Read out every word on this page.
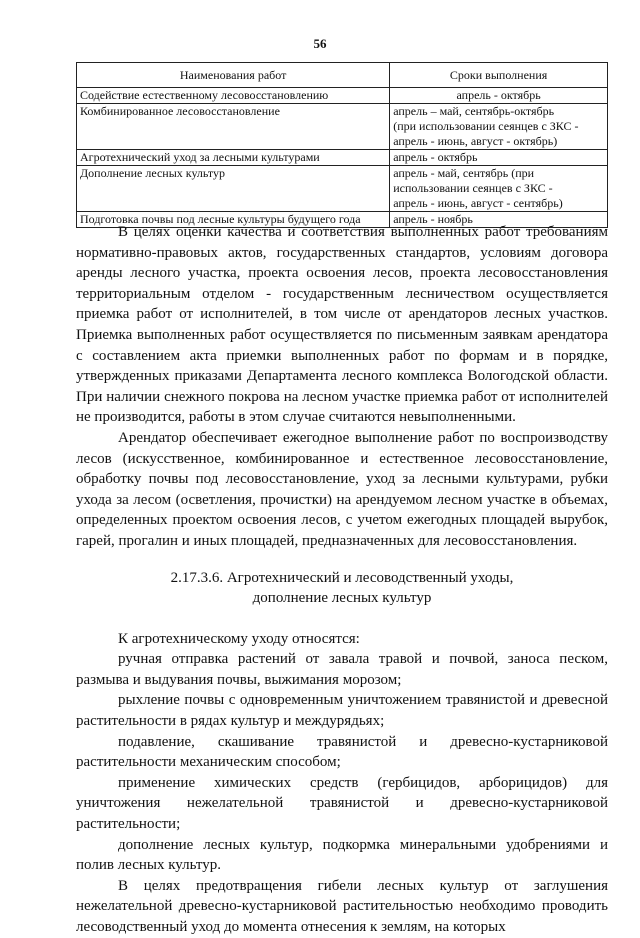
56
Наименования работ	Сроки выполнения
Содействие естественному лесовосстановлению	апрель - октябрь
Комбинированное лесовосстановление	апрель – май, сентябрь-октябрь
(при использовании сеянцев с ЗКС -
апрель - июнь, август - октябрь)
Агротехнический уход за лесными культурами	апрель - октябрь
Дополнение лесных культур	апрель - май, сентябрь (при
использовании сеянцев с ЗКС -
апрель - июнь, август - сентябрь)
Подготовка почвы под лесные культуры будущего года	апрель - ноябрь

В целях оценки качества и соответствия выполненных работ требованиям нормативно-правовых актов, государственных стандартов, условиям договора аренды лесного участка, проекта освоения лесов, проекта лесовосстановления территориальным отделом - государственным лесничеством осуществляется приемка работ от исполнителей, в том числе от арендаторов лесных участков. Приемка выполненных работ осуществляется по письменным заявкам арендатора с составлением акта приемки выполненных работ по формам и в порядке, утвержденных приказами Департамента лесного комплекса Вологодской области. При наличии снежного покрова на лесном участке приемка работ от исполнителей не производится, работы в этом случае считаются невыполненными.

Арендатор обеспечивает ежегодное выполнение работ по воспроизводству лесов (искусственное, комбинированное и естественное лесовосстановление, обработку почвы под лесовосстановление, уход за лесными культурами, рубки ухода за лесом (осветления, прочистки) на арендуемом лесном участке в объемах, определенных проектом освоения лесов, с учетом ежегодных площадей вырубок, гарей, прогалин и иных площадей, предназначенных для лесовосстановления.

2.17.3.6. Агротехнический и лесоводственный уходы,

дополнение лесных культур

К агротехническому уходу относятся:

ручная отправка растений от завала травой и почвой, заноса песком, размыва и выдувания почвы, выжимания морозом;

рыхление почвы с одновременным уничтожением травянистой и древесной растительности в рядах культур и междурядьях;

подавление, скашивание травянистой и древесно-кустарниковой растительности механическим способом;

применение химических средств (гербицидов, арборицидов) для уничтожения нежелательной травянистой и древесно-кустарниковой растительности;

дополнение лесных культур, подкормка минеральными удобрениями и полив лесных культур.

В целях предотвращения гибели лесных культур от заглушения нежелательной древесно-кустарниковой растительностью необходимо проводить лесоводственный уход до момента отнесения к землям, на которых
